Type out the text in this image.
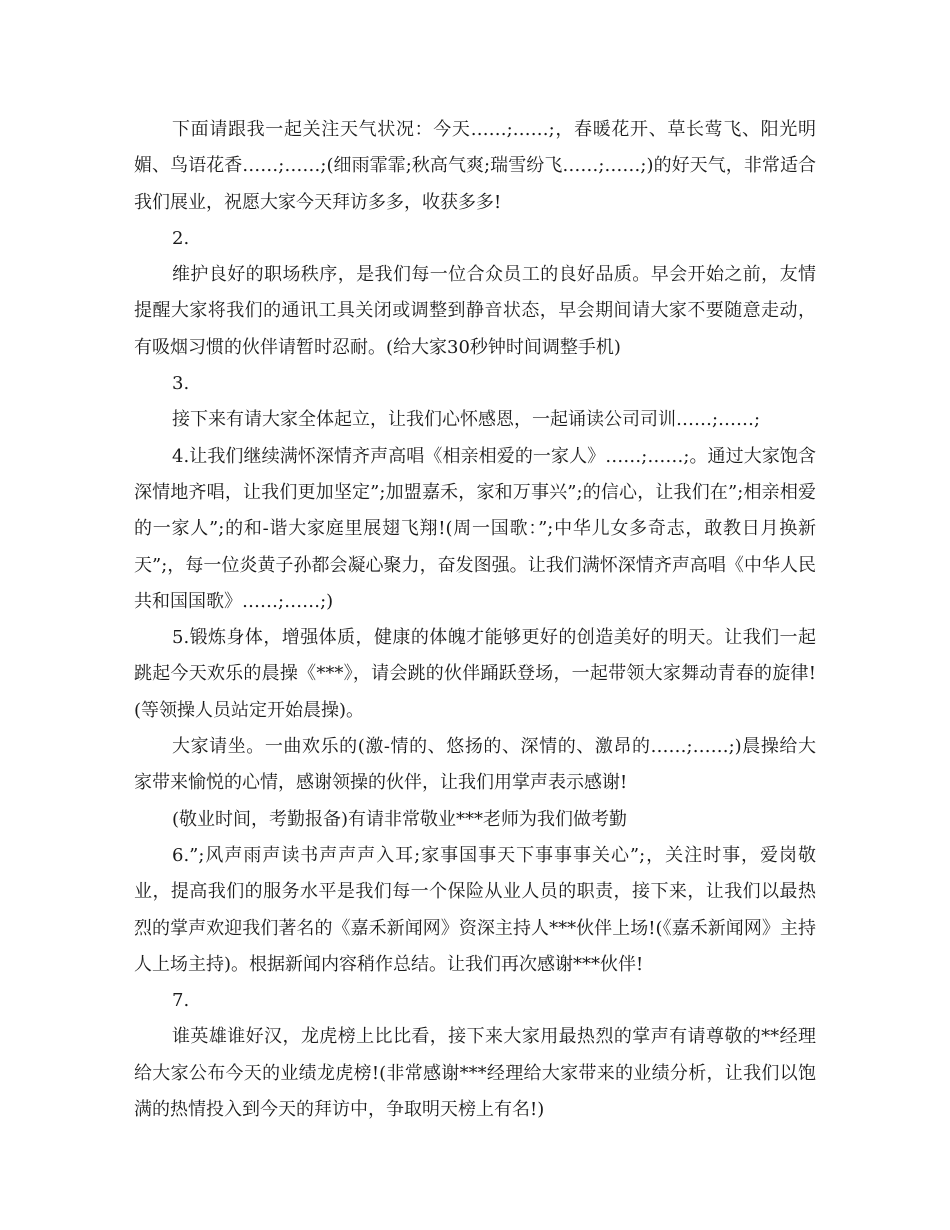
下面请跟我一起关注天气状况：今天……;……;，春暖花开、草长莺飞、阳光明媚、鸟语花香……;……;(细雨霏霏;秋高气爽;瑞雪纷飞……;……;)的好天气，非常适合我们展业，祝愿大家今天拜访多多，收获多多!

2.

维护良好的职场秩序，是我们每一位合众员工的良好品质。早会开始之前，友情提醒大家将我们的通讯工具关闭或调整到静音状态，早会期间请大家不要随意走动，有吸烟习惯的伙伴请暂时忍耐。(给大家30秒钟时间调整手机)

3.

接下来有请大家全体起立，让我们心怀感恩，一起诵读公司司训……;……;

4.让我们继续满怀深情齐声高唱《相亲相爱的一家人》……;……;。通过大家饱含深情地齐唱，让我们更加坚定”;加盟嘉禾，家和万事兴”;的信心，让我们在”;相亲相爱的一家人”;的和-谐大家庭里展翅飞翔!(周一国歌：”;中华儿女多奇志，敢教日月换新天”;，每一位炎黄子孙都会凝心聚力，奋发图强。让我们满怀深情齐声高唱《中华人民共和国国歌》……;……;)

5.锻炼身体，增强体质，健康的体魄才能够更好的创造美好的明天。让我们一起跳起今天欢乐的晨操《***》，请会跳的伙伴踊跃登场，一起带领大家舞动青春的旋律!(等领操人员站定开始晨操)。

大家请坐。一曲欢乐的(激-情的、悠扬的、深情的、激昂的……;……;)晨操给大家带来愉悦的心情，感谢领操的伙伴，让我们用掌声表示感谢!

(敬业时间，考勤报备)有请非常敬业***老师为我们做考勤

6.”;风声雨声读书声声声入耳;家事国事天下事事事关心”;，关注时事，爱岗敬业，提高我们的服务水平是我们每一个保险从业人员的职责，接下来，让我们以最热烈的掌声欢迎我们著名的《嘉禾新闻网》资深主持人***伙伴上场!(《嘉禾新闻网》主持人上场主持)。根据新闻内容稍作总结。让我们再次感谢***伙伴!

7.

谁英雄谁好汉，龙虎榜上比比看，接下来大家用最热烈的掌声有请尊敬的**经理给大家公布今天的业绩龙虎榜!(非常感谢***经理给大家带来的业绩分析，让我们以饱满的热情投入到今天的拜访中，争取明天榜上有名!)
